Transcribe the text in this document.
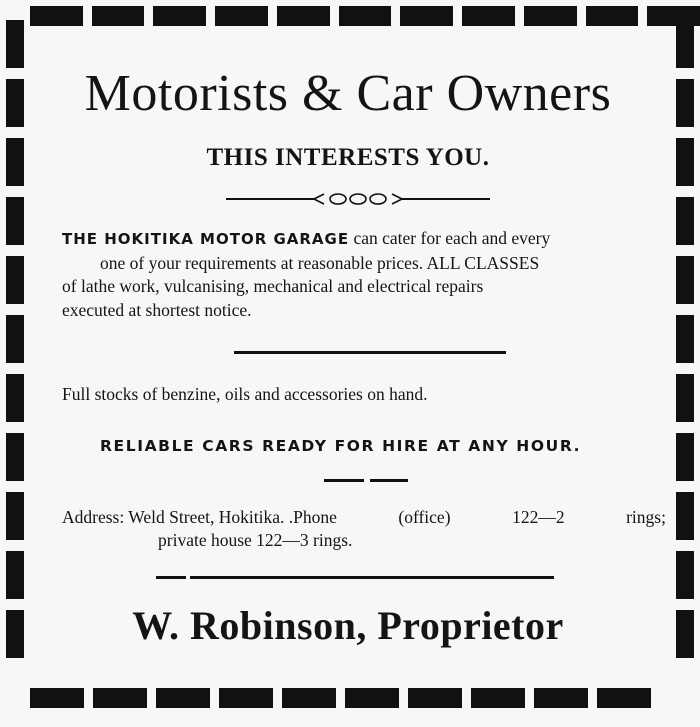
Motorists & Car Owners
THIS INTERESTS YOU.
THE HOKITIKA MOTOR GARAGE can cater for each and every
one of your requirements at reasonable prices. ALL CLASSES
of lathe work, vulcanising, mechanical and electrical repairs
executed at shortest notice.
Full stocks of benzine, oils and accessories on hand.
RELIABLE CARS READY FOR HIRE AT ANY HOUR.
Address: Weld Street, Hokitika. .Phone	(office)	122—2	rings;
private house 122—3 rings.
W. Robinson, Proprietor
